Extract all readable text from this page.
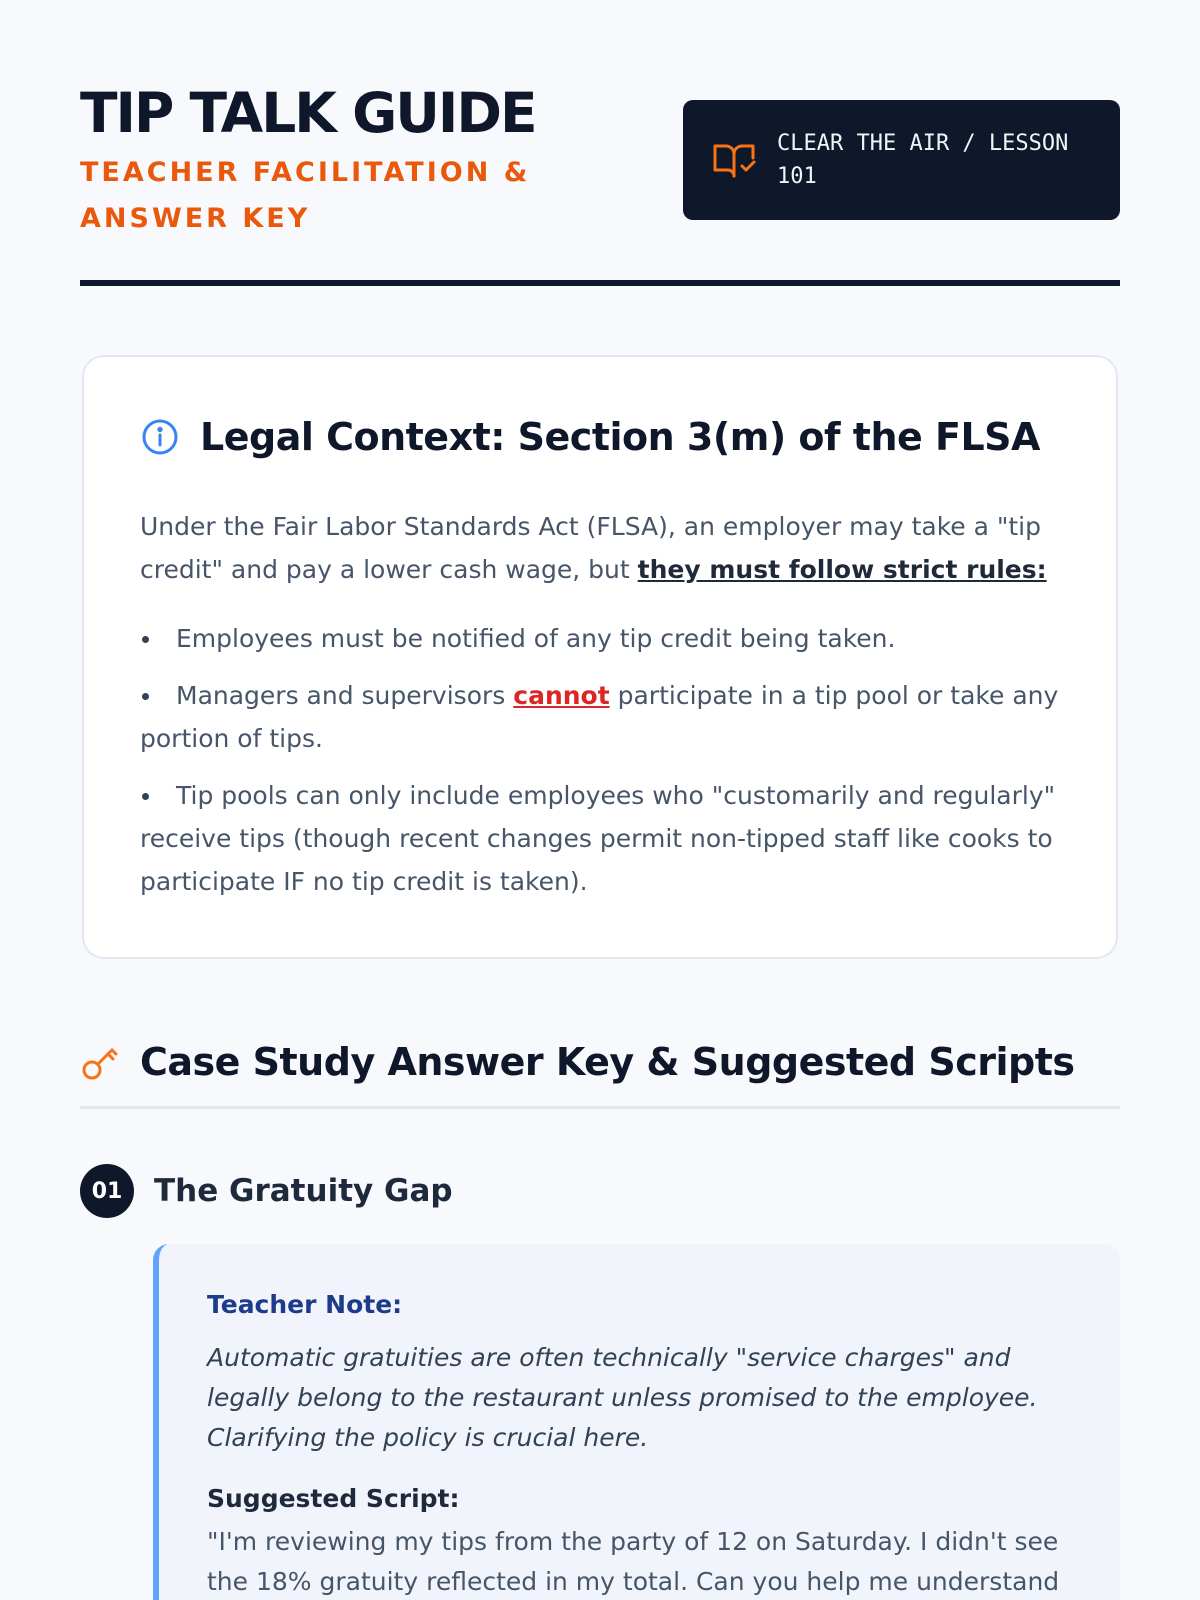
TIP TALK GUIDE
TEACHER FACILITATION & ANSWER KEY
CLEAR THE AIR / LESSON 101
Legal Context: Section 3(m) of the FLSA

Under the Fair Labor Standards Act (FLSA), an employer may take a "tip credit" and pay a lower cash wage, but they must follow strict rules:

Employees must be notified of any tip credit being taken.
Managers and supervisors cannot participate in a tip pool or take any portion of tips.
Tip pools can only include employees who "customarily and regularly" receive tips (though recent changes permit non-tipped staff like cooks to participate IF no tip credit is taken).
Case Study Answer Key & Suggested Scripts
01	The Gratuity Gap
Teacher Note:

Automatic gratuities are often technically "service charges" and legally belong to the restaurant unless promised to the employee. Clarifying the policy is crucial here.

Suggested Script:

"I'm reviewing my tips from the party of 12 on Saturday. I didn't see the 18% gratuity reflected in my total. Can you help me understand
